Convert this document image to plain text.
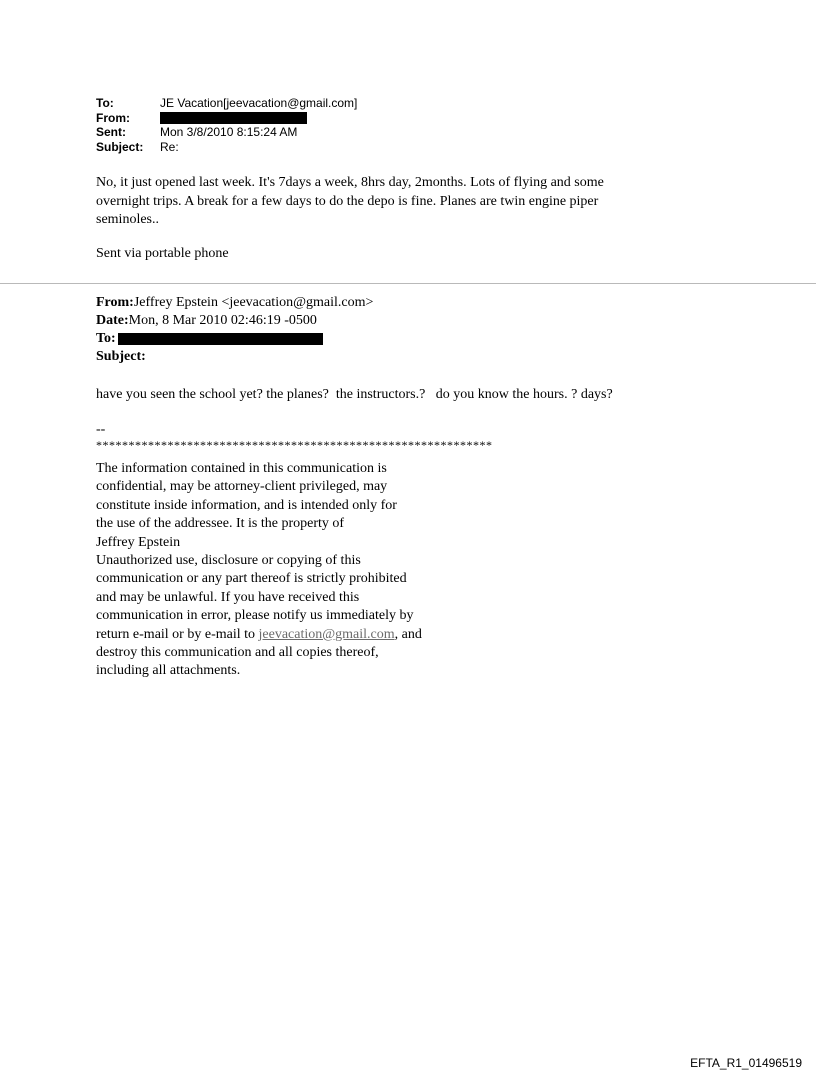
To:	JE Vacation[jeevacation@gmail.com]
From:
Sent:	Mon 3/8/2010 8:15:24 AM
Subject:	Re:

No, it just opened last week. It's 7days a week, 8hrs day, 2months. Lots of flying and some

overnight trips. A break for a few days to do the depo is fine. Planes are twin engine piper

seminoles..

Sent via portable phone
From: Jeffrey Epstein <jeevacation@gmail.com>
Date: Mon, 8 Mar 2010 02:46:19 -0500
To:
Subject:
have you seen the school yet? the planes?  the instructors.?   do you know the hours. ? days?
--
*************************************************************
The information contained in this communication is
confidential, may be attorney-client privileged, may
constitute inside information, and is intended only for
the use of the addressee. It is the property of
Jeffrey Epstein
Unauthorized use, disclosure or copying of this
communication or any part thereof is strictly prohibited
and may be unlawful. If you have received this
communication in error, please notify us immediately by
return e-mail or by e-mail to jeevacation@gmail.com, and
destroy this communication and all copies thereof,
including all attachments.
EFTA_R1_01496519
